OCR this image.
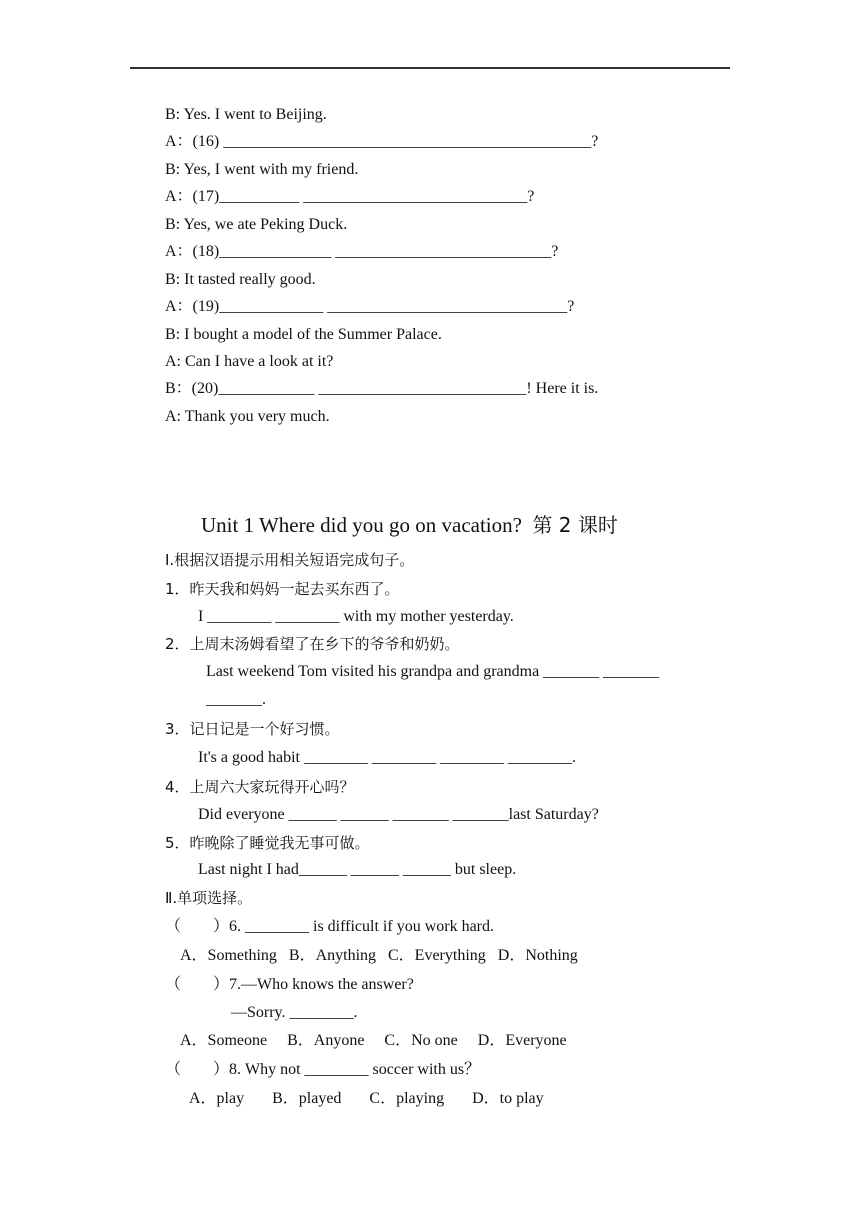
B: Yes. I went to Beijing.
A：(16) ______________________________________________?
B: Yes, I went with my friend.
A：(17)__________ ____________________________?
B: Yes, we ate Peking Duck.
A：(18)______________ ___________________________?
B: It tasted really good.
A：(19)_____________ ______________________________?
B: I bought a model of the Summer Palace.
A: Can I have a look at it?
B：(20)____________ __________________________! Here it is.
A: Thank you very much.
Unit 1 Where did you go on vacation? 第 2 课时
Ⅰ.根据汉语提示用相关短语完成句子。
1．昨天我和妈妈一起去买东西了。
I ________ ________ with my mother yesterday.
2．上周末汤姆看望了在乡下的爷爷和奶奶。
Last weekend Tom visited his grandpa and grandma _______ _______
_______.
3．记日记是一个好习惯。
It's a good habit ________ ________ ________ ________.
4．上周六大家玩得开心吗？
Did everyone ______ ______ _______ _______last Saturday?
5．昨晚除了睡觉我无事可做。
Last night I had______ ______ ______ but sleep.
Ⅱ.单项选择。
（　　）6. ________ is difficult if you work hard.
A．Something   B．Anything   C．Everything   D．Nothing
（　　）7.—Who knows the answer?
—Sorry. ________.
A．Someone     B．Anyone     C．No one     D．Everyone
（　　）8. Why not ________ soccer with us？
A．play       B．played       C．playing       D．to play
